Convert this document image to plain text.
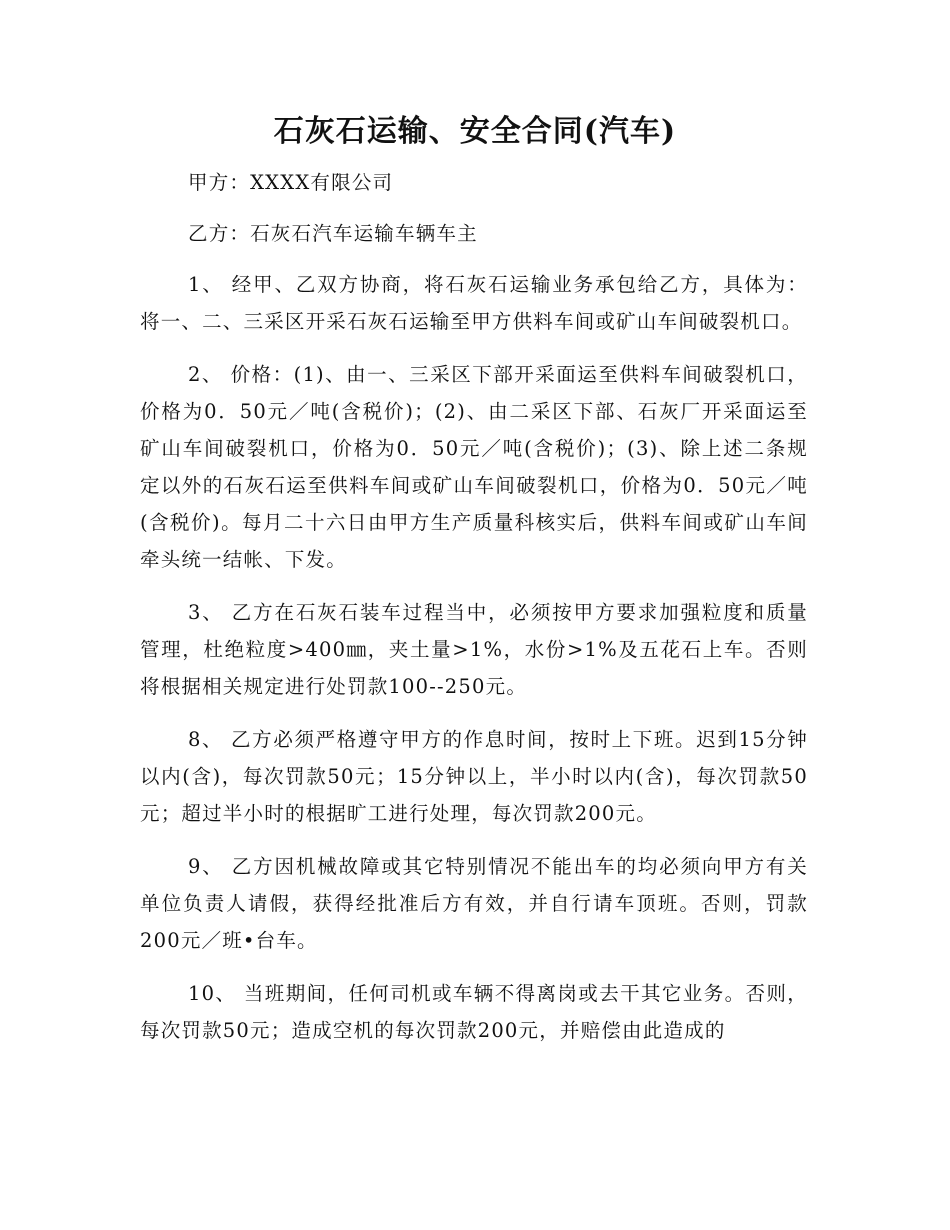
石灰石运输、安全合同(汽车)

甲方：XXXX有限公司

乙方：石灰石汽车运输车辆车主

1、 经甲、乙双方协商，将石灰石运输业务承包给乙方，具体为：将一、二、三采区开采石灰石运输至甲方供料车间或矿山车间破裂机口。

2、 价格：(1)、由一、三采区下部开采面运至供料车间破裂机口，价格为0．50元／吨(含税价)；(2)、由二采区下部、石灰厂开采面运至矿山车间破裂机口，价格为0．50元／吨(含税价)；(3)、除上述二条规定以外的石灰石运至供料车间或矿山车间破裂机口，价格为0．50元／吨(含税价)。每月二十六日由甲方生产质量科核实后，供料车间或矿山车间牵头统一结帐、下发。

3、 乙方在石灰石装车过程当中，必须按甲方要求加强粒度和质量管理，杜绝粒度>400㎜，夹土量>1%，水份>1%及五花石上车。否则将根据相关规定进行处罚款100--250元。

8、 乙方必须严格遵守甲方的作息时间，按时上下班。迟到15分钟以内(含)，每次罚款50元；15分钟以上，半小时以内(含)，每次罚款50元；超过半小时的根据旷工进行处理，每次罚款200元。

9、 乙方因机械故障或其它特别情况不能出车的均必须向甲方有关单位负责人请假，获得经批准后方有效，并自行请车顶班。否则，罚款200元／班•台车。

10、 当班期间，任何司机或车辆不得离岗或去干其它业务。否则，每次罚款50元；造成空机的每次罚款200元，并赔偿由此造成的
